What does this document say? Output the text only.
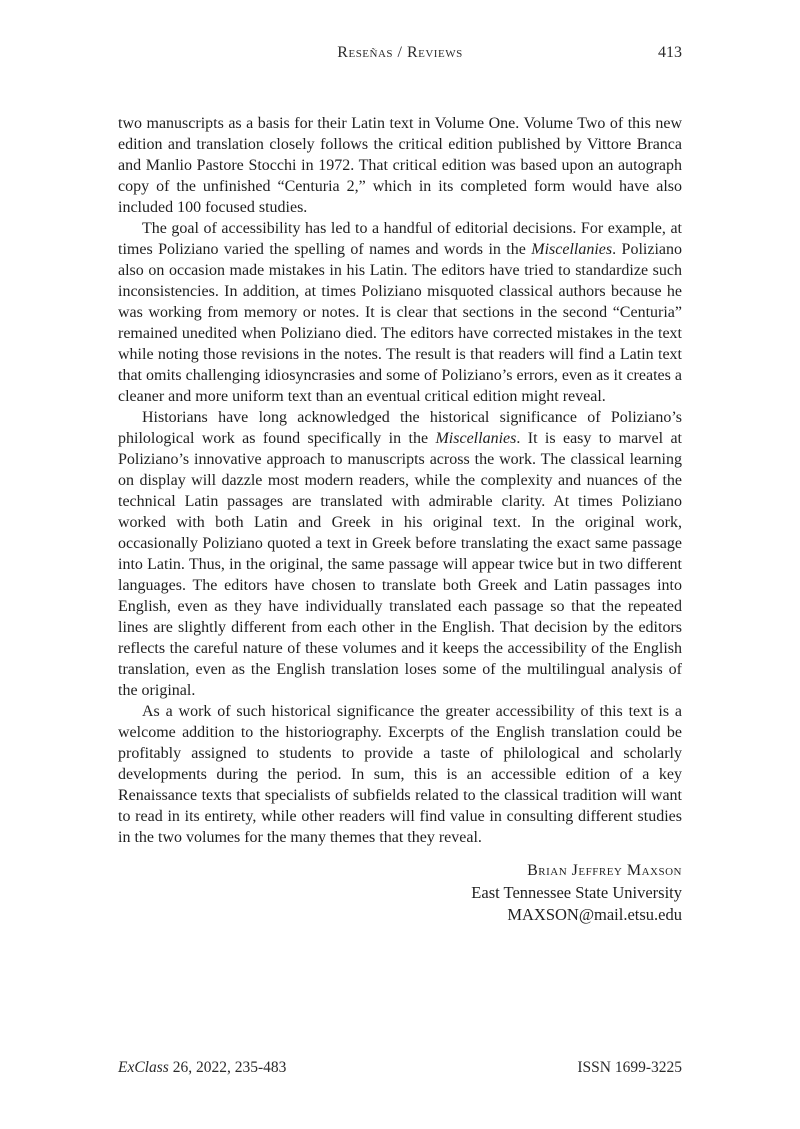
Reseñas / Reviews	413

two manuscripts as a basis for their Latin text in Volume One. Volume Two of this new edition and translation closely follows the critical edition published by Vittore Branca and Manlio Pastore Stocchi in 1972. That critical edition was based upon an autograph copy of the unfinished “Centuria 2,” which in its completed form would have also included 100 focused studies.

The goal of accessibility has led to a handful of editorial decisions. For example, at times Poliziano varied the spelling of names and words in the Miscellanies. Poliziano also on occasion made mistakes in his Latin. The editors have tried to standardize such inconsistencies. In addition, at times Poliziano misquoted classical authors because he was working from memory or notes. It is clear that sections in the second “Centuria” remained unedited when Poliziano died. The editors have corrected mistakes in the text while noting those revisions in the notes. The result is that readers will find a Latin text that omits challenging idiosyncrasies and some of Poliziano’s errors, even as it creates a cleaner and more uniform text than an eventual critical edition might reveal.

Historians have long acknowledged the historical significance of Poliziano’s philological work as found specifically in the Miscellanies. It is easy to marvel at Poliziano’s innovative approach to manuscripts across the work. The classical learning on display will dazzle most modern readers, while the complexity and nuances of the technical Latin passages are translated with admirable clarity. At times Poliziano worked with both Latin and Greek in his original text. In the original work, occasionally Poliziano quoted a text in Greek before translating the exact same passage into Latin. Thus, in the original, the same passage will appear twice but in two different languages. The editors have chosen to translate both Greek and Latin passages into English, even as they have individually translated each passage so that the repeated lines are slightly different from each other in the English. That decision by the editors reflects the careful nature of these volumes and it keeps the accessibility of the English translation, even as the English translation loses some of the multilingual analysis of the original.

As a work of such historical significance the greater accessibility of this text is a welcome addition to the historiography. Excerpts of the English translation could be profitably assigned to students to provide a taste of philological and scholarly developments during the period. In sum, this is an accessible edition of a key Renaissance texts that specialists of subfields related to the classical tradition will want to read in its entirety, while other readers will find value in consulting different studies in the two volumes for the many themes that they reveal.

Brian Jeffrey Maxson
East Tennessee State University
MAXSON@mail.etsu.edu
ExClass 26, 2022, 235-483	ISSN 1699-3225
